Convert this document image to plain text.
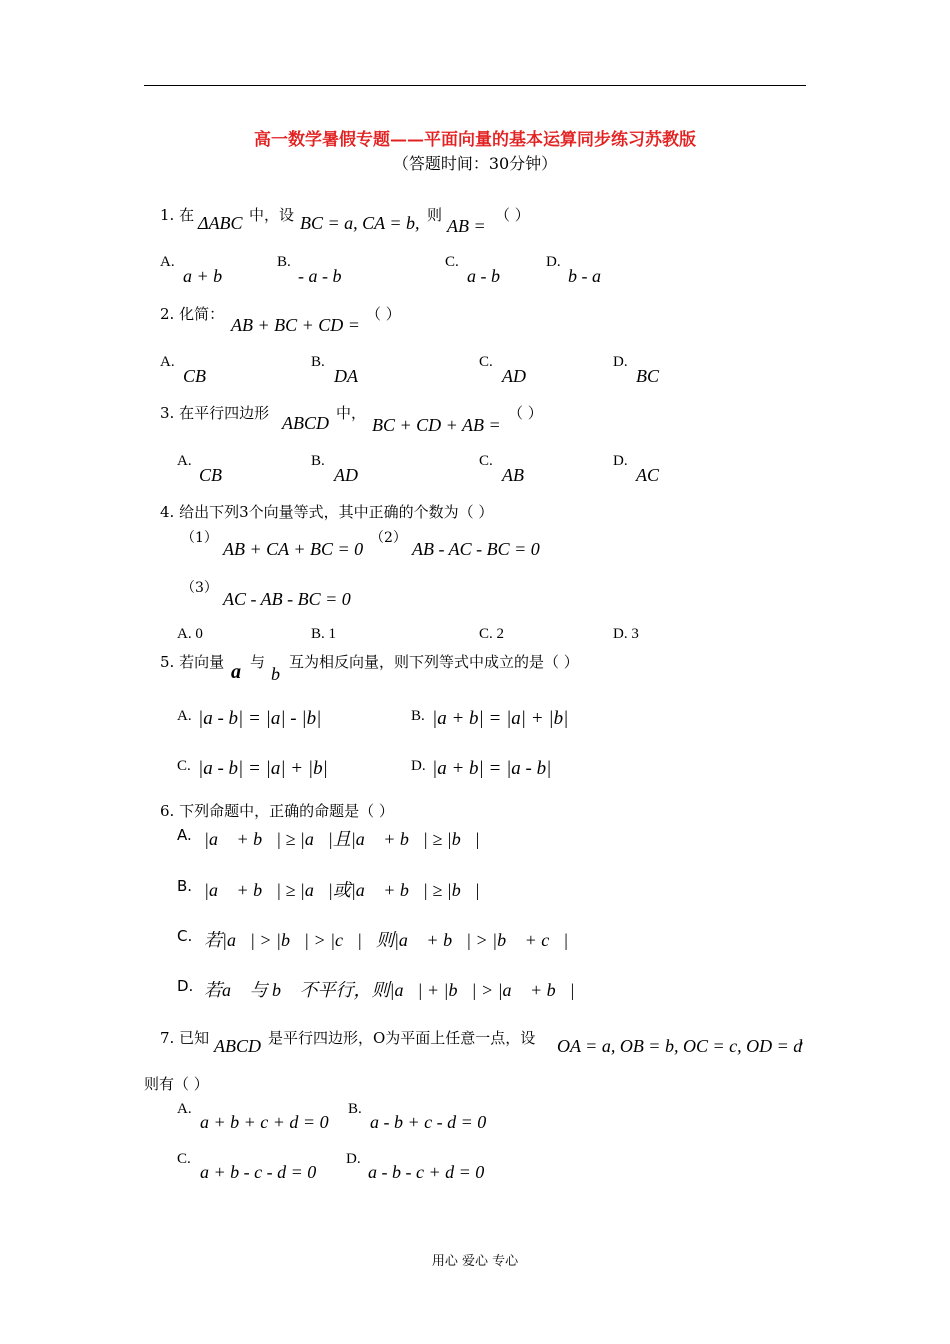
高一数学暑假专题——平面向量的基本运算同步练习苏教版
（答题时间：30分钟）
1. 在 ΔABC 中，设 BC = a, CA = b, 则
AB =
（ ）
A.
a + b
B.
- a - b
C.
a - b
D.
b - a
2. 化简：
AB + BC + CD =
（ ）
A.
CB
B.
DA
C.
AD
D.
BC
3. 在平行四边形 ABCD 中，
BC + CD + AB =
（ ）
A.
CB
B.
AD
C.
AB
D.
AC
4. 给出下列3个向量等式，其中正确的个数为（ ）
（1）
AB + CA + BC = 0
（2）
AB - AC - BC = 0
（3）
AC - AB - BC = 0
A. 0	B. 1	C. 2	D. 3
5. 若向量 a 与
b
互为相反向量，则下列等式中成立的是（ ）
A. |a - b| = |a| - |b|	B. |a + b| = |a| + |b|
C. |a - b| = |a| + |b|	D. |a + b| = |a - b|
6. 下列命题中，正确的命题是（ ）
A. |a⃗ + b⃗| ≥ |a⃗|且|a⃗ + b⃗| ≥ |b⃗|
B. |a⃗ + b⃗| ≥ |a⃗|或|a⃗ + b⃗| ≥ |b⃗|
C. 若|a⃗| > |b⃗| > |c⃗|，则|a⃗ + b⃗| > |b⃗ + c⃗|
D. 若a⃗ 与 b⃗ 不平行，则|a⃗| + |b⃗| > |a⃗ + b⃗|
7. 已知 ABCD 是平行四边形，O为平面上任意一点，设 OA = a, OB = b, OC = c, OD = d
，
则有（ ）
A.
a + b + c + d = 0
B.
a - b + c - d = 0
C.
a + b - c - d = 0
D.
a - b - c + d = 0
用心 爱心 专心
